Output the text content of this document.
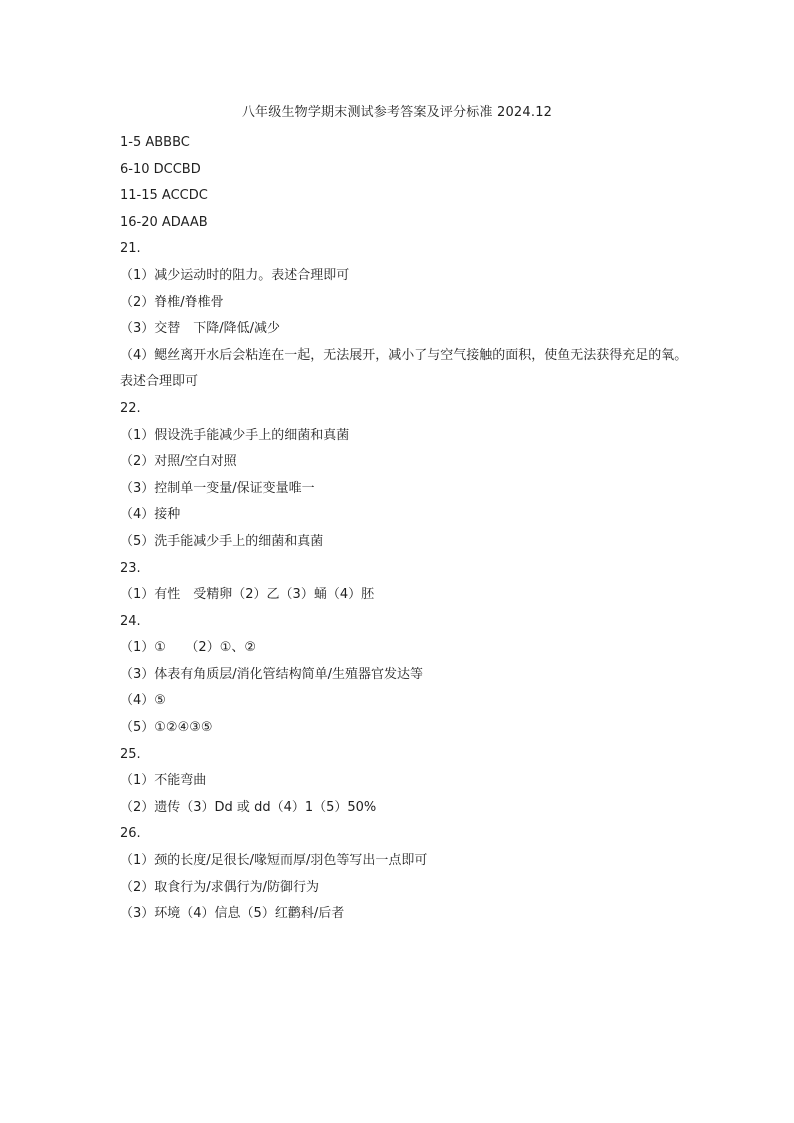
八年级生物学期末测试参考答案及评分标准 2024.12
1-5 ABBBC
6-10 DCCBD
11-15 ACCDC
16-20 ADAAB
21.
（1）减少运动时的阻力。表述合理即可
（2）脊椎/脊椎骨
（3）交替　下降/降低/减少
（4）鳃丝离开水后会粘连在一起，无法展开，减小了与空气接触的面积，使鱼无法获得充足的氧。表述合理即可
22.
（1）假设洗手能减少手上的细菌和真菌
（2）对照/空白对照
（3）控制单一变量/保证变量唯一
（4）接种
（5）洗手能减少手上的细菌和真菌
23.
（1）有性　受精卵（2）乙（3）蛹（4）胚
24.
（1）①　　（2）①、②
（3）体表有角质层/消化管结构简单/生殖器官发达等
（4）⑤
（5）①②④③⑤
25.
（1）不能弯曲
（2）遗传（3）Dd 或 dd（4）1（5）50%
26.
（1）颈的长度/足很长/喙短而厚/羽色等写出一点即可
（2）取食行为/求偶行为/防御行为
（3）环境（4）信息（5）红鹳科/后者
